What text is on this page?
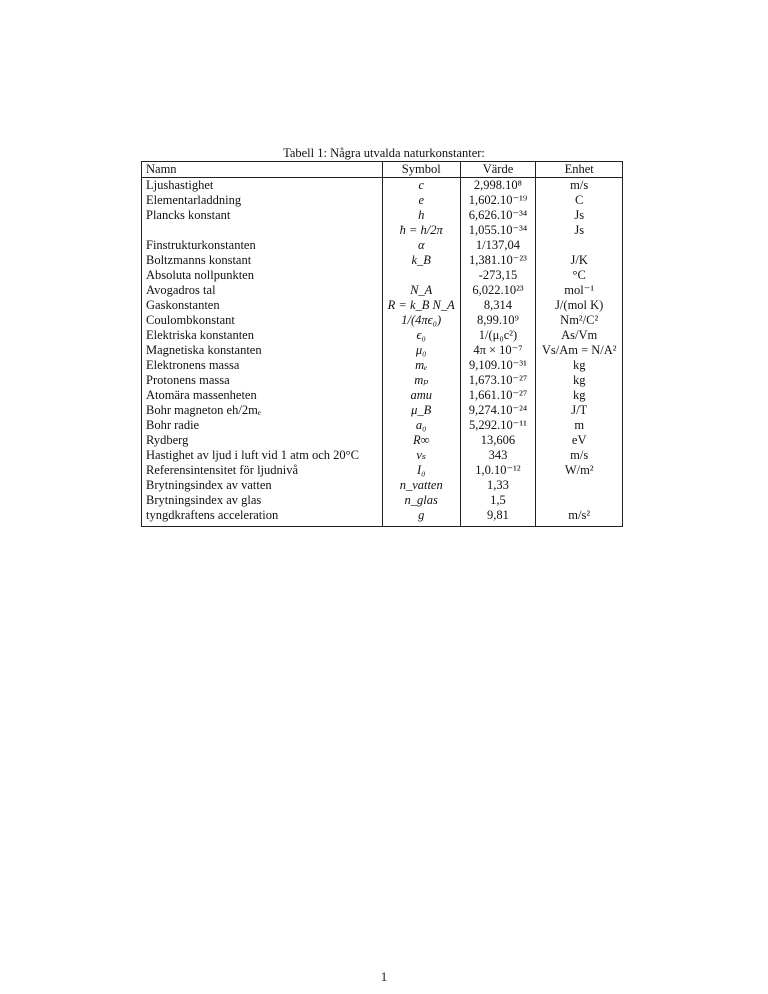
Tabell 1: Några utvalda naturkonstanter:
Namn	Symbol	Värde	Enhet
Ljushastighet	c	2,998.10⁸	m/s
Elementarladdning	e	1,602.10⁻¹⁹	C
Plancks konstant	h	6,626.10⁻³⁴	Js
	ħ = h/2π	1,055.10⁻³⁴	Js
Finstrukturkonstanten	α	1/137,04	
Boltzmanns konstant	k_B	1,381.10⁻²³	J/K
Absoluta nollpunkten		-273,15	°C
Avogadros tal	N_A	6,022.10²³	mol⁻¹
Gaskonstanten	R = k_B N_A	8,314	J/(mol K)
Coulombkonstant	1/(4πϵ₀)	8,99.10⁹	Nm²/C²
Elektriska konstanten	ϵ₀	1/(μ₀c²)	As/Vm
Magnetiska konstanten	μ₀	4π × 10⁻⁷	Vs/Am = N/A²
Elektronens massa	mₑ	9,109.10⁻³¹	kg
Protonens massa	mₚ	1,673.10⁻²⁷	kg
Atomära massenheten	amu	1,661.10⁻²⁷	kg
Bohr magneton eh/2mₑ	μ_B	9,274.10⁻²⁴	J/T
Bohr radie	a₀	5,292.10⁻¹¹	m
Rydberg	R∞	13,606	eV
Hastighet av ljud i luft vid 1 atm och 20°C	vₛ	343	m/s
Referensintensitet för ljudnivå	I₀	1,0.10⁻¹²	W/m²
Brytningsindex av vatten	n_vatten	1,33	
Brytningsindex av glas	n_glas	1,5	
tyngdkraftens acceleration	g	9,81	m/s²
1
